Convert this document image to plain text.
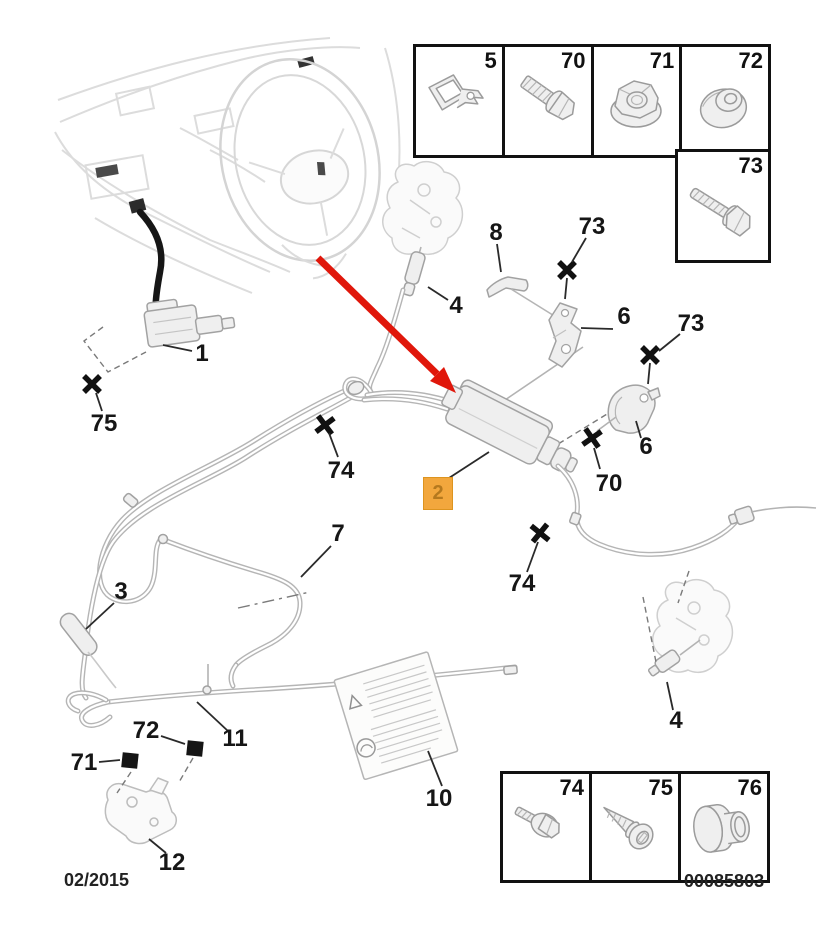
1
75
8	73
6 73
4
70
6
74
74
7
3
11
72
71
12
10
4
2
5	70	71	72
73
74	75	76
02/2015	00085803
